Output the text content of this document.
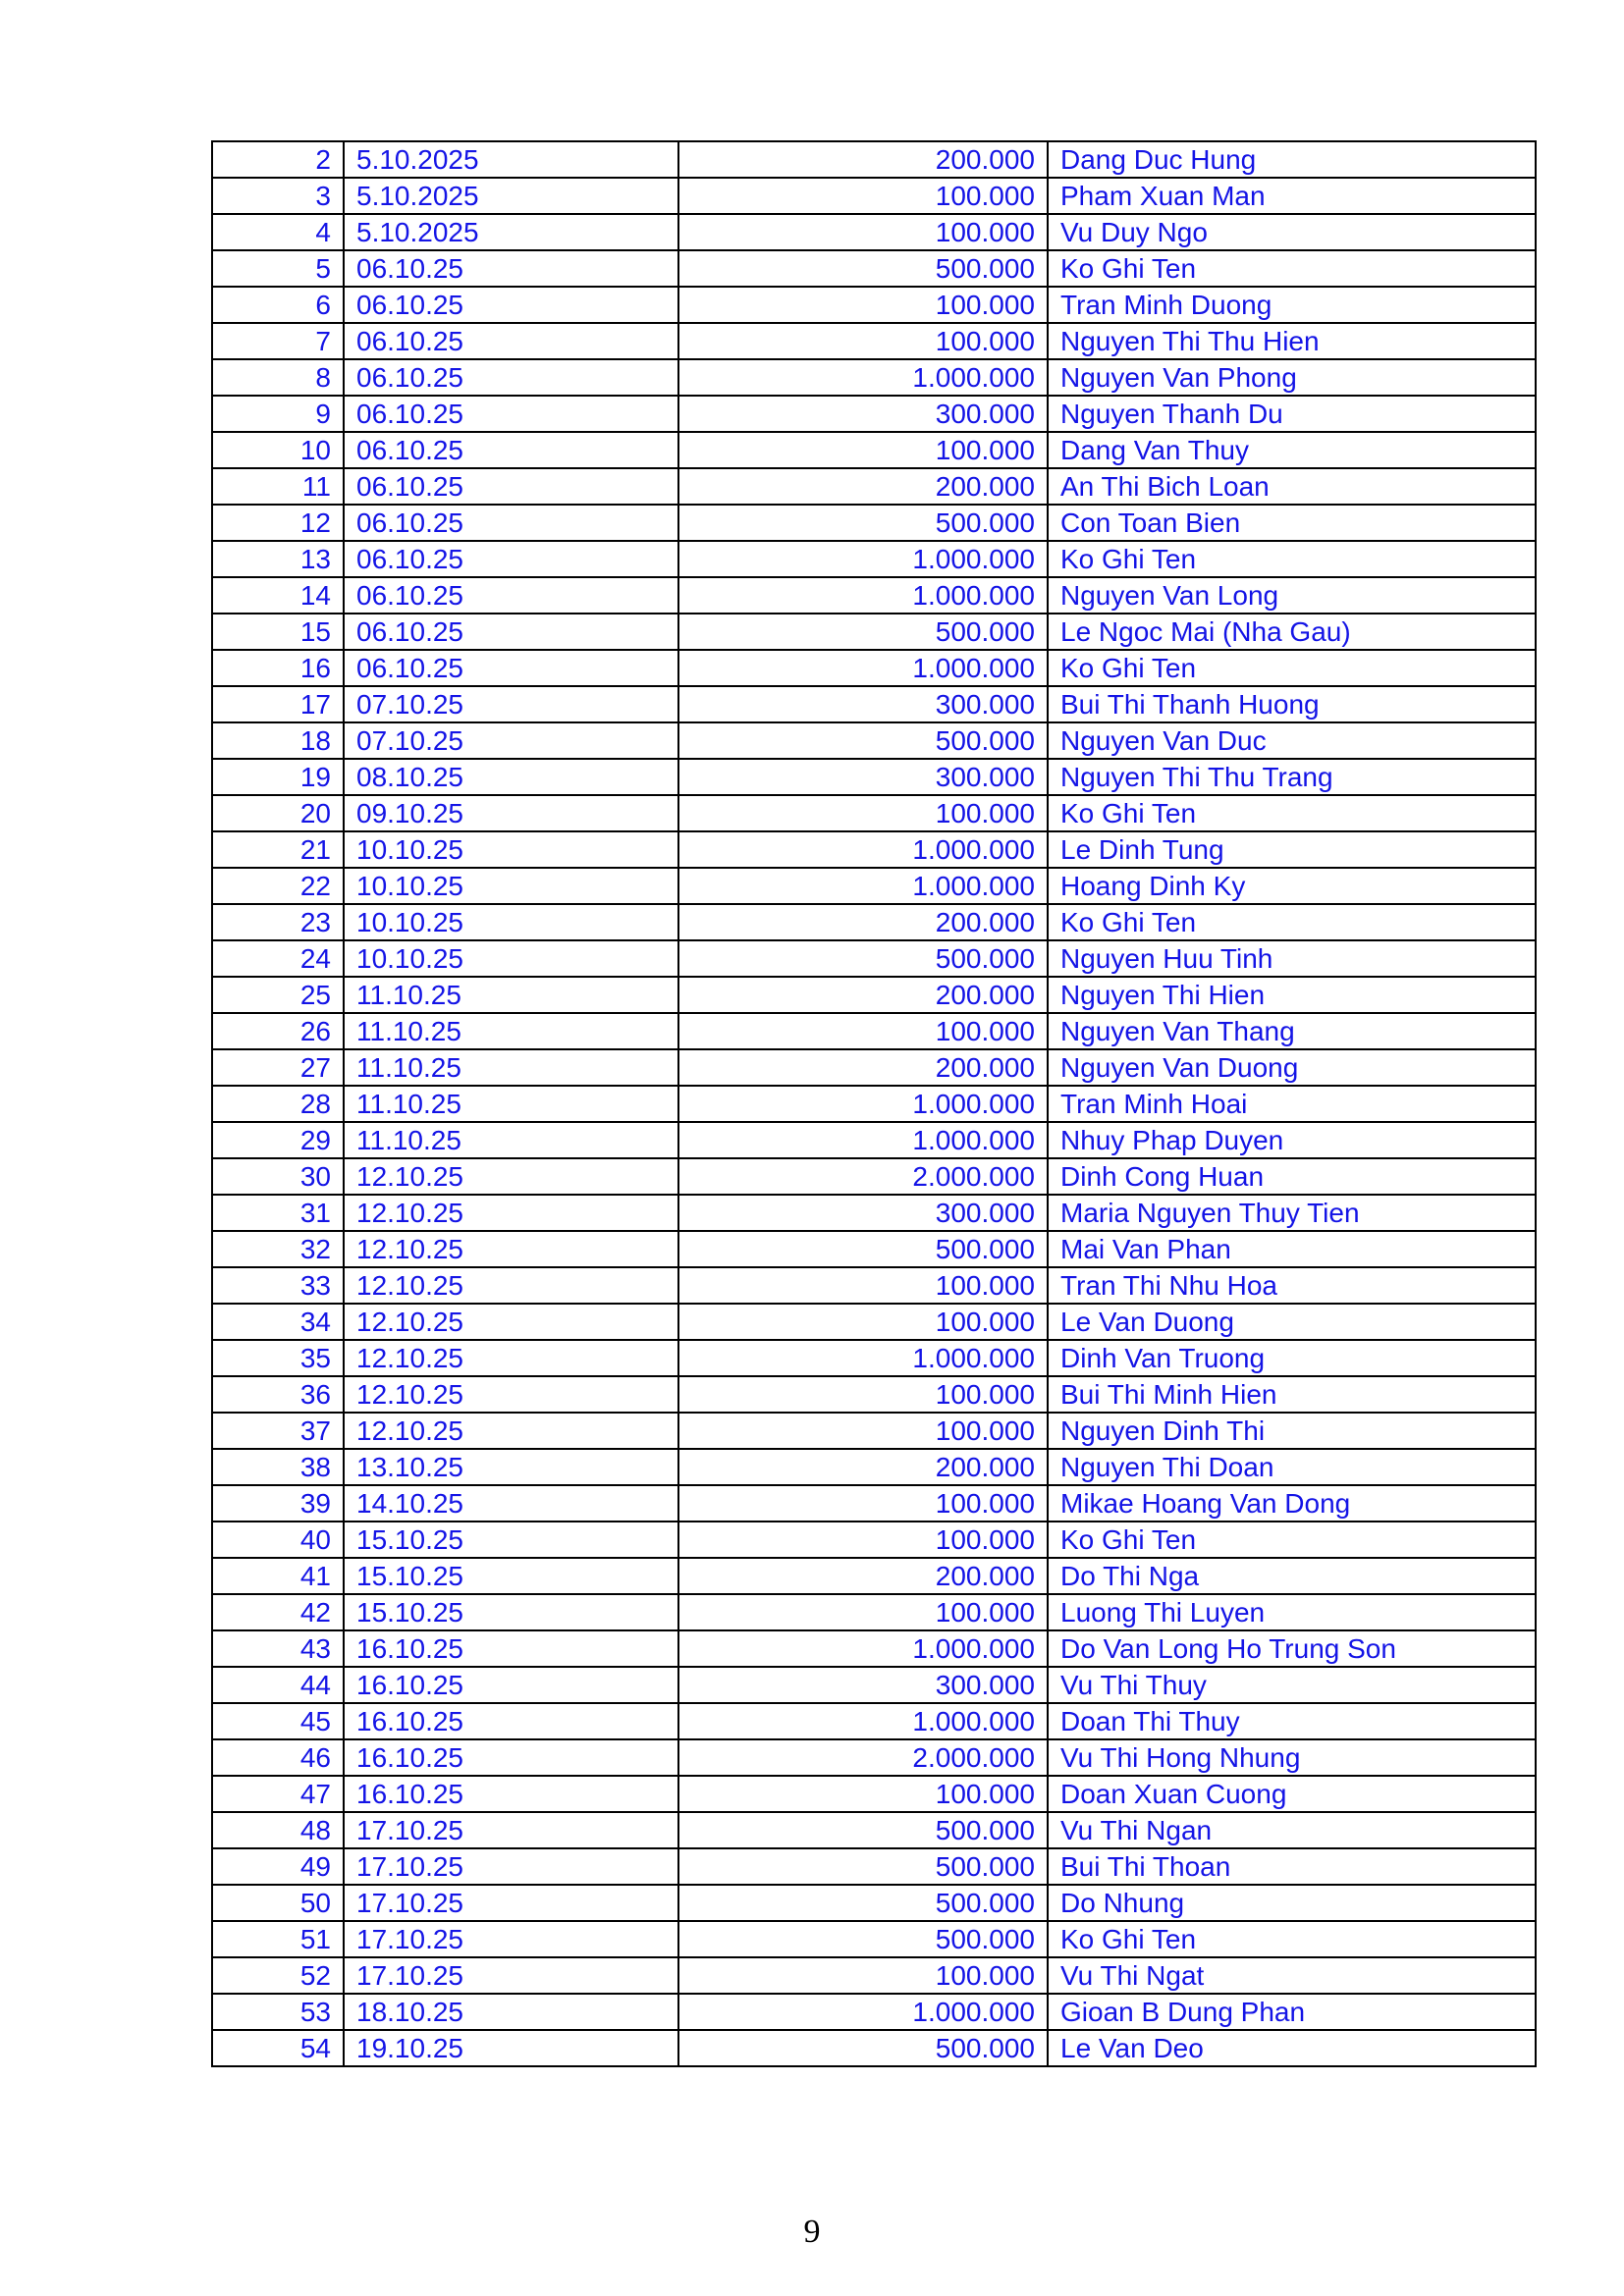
2	5.10.2025	200.000	Dang Duc Hung
3	5.10.2025	100.000	Pham Xuan Man
4	5.10.2025	100.000	Vu Duy Ngo
5	06.10.25	500.000	Ko Ghi Ten
6	06.10.25	100.000	Tran Minh Duong
7	06.10.25	100.000	Nguyen Thi Thu Hien
8	06.10.25	1.000.000	Nguyen Van Phong
9	06.10.25	300.000	Nguyen Thanh Du
10	06.10.25	100.000	Dang Van Thuy
11	06.10.25	200.000	An Thi Bich Loan
12	06.10.25	500.000	Con Toan Bien
13	06.10.25	1.000.000	Ko Ghi Ten
14	06.10.25	1.000.000	Nguyen Van Long
15	06.10.25	500.000	Le Ngoc Mai (Nha Gau)
16	06.10.25	1.000.000	Ko Ghi Ten
17	07.10.25	300.000	Bui Thi Thanh Huong
18	07.10.25	500.000	Nguyen Van Duc
19	08.10.25	300.000	Nguyen Thi Thu Trang
20	09.10.25	100.000	Ko Ghi Ten
21	10.10.25	1.000.000	Le Dinh Tung
22	10.10.25	1.000.000	Hoang Dinh Ky
23	10.10.25	200.000	Ko Ghi Ten
24	10.10.25	500.000	Nguyen Huu Tinh
25	11.10.25	200.000	Nguyen Thi Hien
26	11.10.25	100.000	Nguyen Van Thang
27	11.10.25	200.000	Nguyen Van Duong
28	11.10.25	1.000.000	Tran Minh Hoai
29	11.10.25	1.000.000	Nhuy Phap Duyen
30	12.10.25	2.000.000	Dinh Cong Huan
31	12.10.25	300.000	Maria Nguyen Thuy Tien
32	12.10.25	500.000	Mai Van Phan
33	12.10.25	100.000	Tran Thi Nhu Hoa
34	12.10.25	100.000	Le Van Duong
35	12.10.25	1.000.000	Dinh Van Truong
36	12.10.25	100.000	Bui Thi Minh Hien
37	12.10.25	100.000	Nguyen Dinh Thi
38	13.10.25	200.000	Nguyen Thi Doan
39	14.10.25	100.000	Mikae Hoang Van Dong
40	15.10.25	100.000	Ko Ghi Ten
41	15.10.25	200.000	Do Thi Nga
42	15.10.25	100.000	Luong Thi Luyen
43	16.10.25	1.000.000	Do Van Long Ho Trung Son
44	16.10.25	300.000	Vu Thi Thuy
45	16.10.25	1.000.000	Doan Thi Thuy
46	16.10.25	2.000.000	Vu Thi Hong Nhung
47	16.10.25	100.000	Doan Xuan Cuong
48	17.10.25	500.000	Vu Thi Ngan
49	17.10.25	500.000	Bui Thi Thoan
50	17.10.25	500.000	Do Nhung
51	17.10.25	500.000	Ko Ghi Ten
52	17.10.25	100.000	Vu Thi Ngat
53	18.10.25	1.000.000	Gioan B Dung Phan
54	19.10.25	500.000	Le Van Deo
9
